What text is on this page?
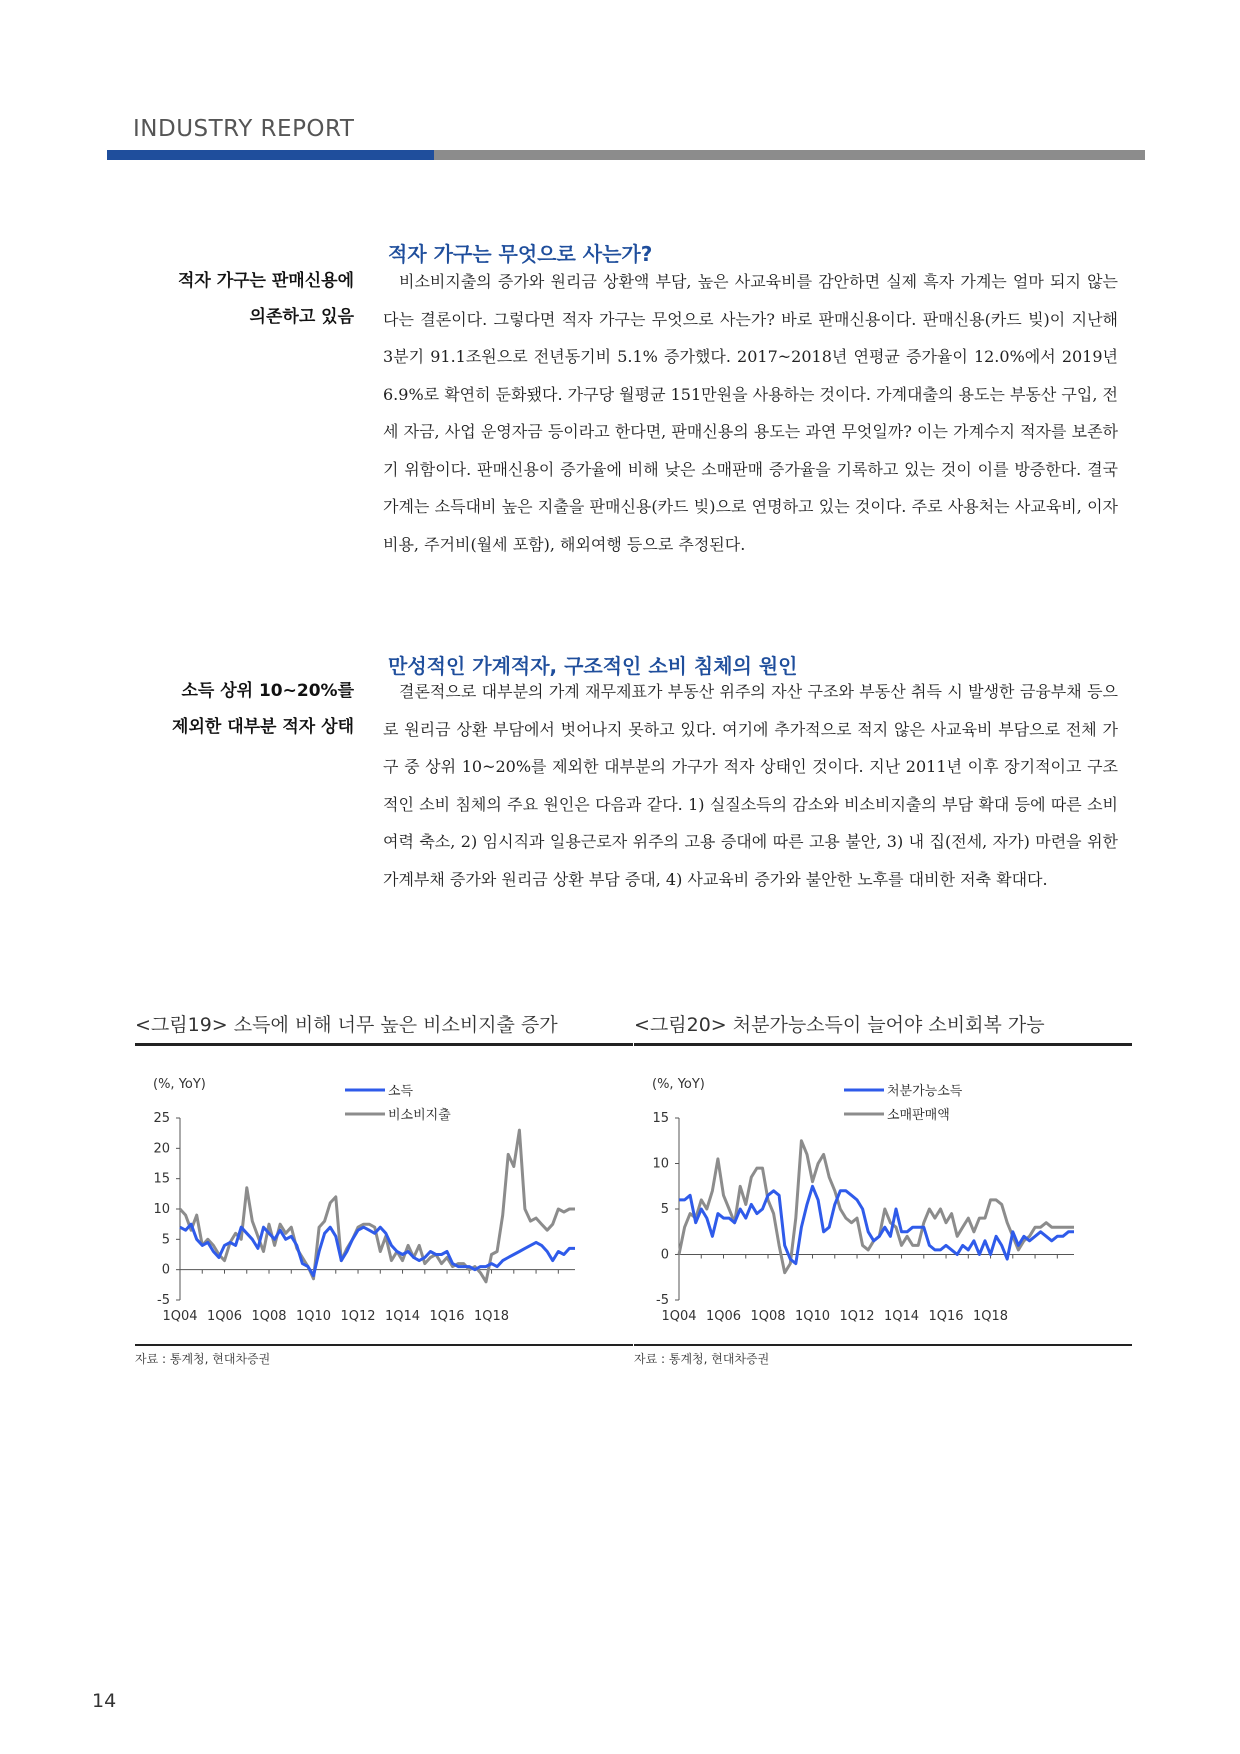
INDUSTRY REPORT
적자 가구는 무엇으로 사는가?
적자 가구는 판매신용에
의존하고 있음
비소비지출의 증가와 원리금 상환액 부담, 높은 사교육비를 감안하면 실제 흑자 가계는 얼마 되지 않는다는 결론이다. 그렇다면 적자 가구는 무엇으로 사는가? 바로 판매신용이다. 판매신용(카드 빚)이 지난해 3분기 91.1조원으로 전년동기비 5.1% 증가했다. 2017~2018년 연평균 증가율이 12.0%에서 2019년 6.9%로 확연히 둔화됐다. 가구당 월평균 151만원을 사용하는 것이다. 가계대출의 용도는 부동산 구입, 전세 자금, 사업 운영자금 등이라고 한다면, 판매신용의 용도는 과연 무엇일까? 이는 가계수지 적자를 보존하기 위함이다. 판매신용이 증가율에 비해 낮은 소매판매 증가율을 기록하고 있는 것이 이를 방증한다. 결국 가계는 소득대비 높은 지출을 판매신용(카드 빚)으로 연명하고 있는 것이다. 주로 사용처는 사교육비, 이자비용, 주거비(월세 포함), 해외여행 등으로 추정된다.
만성적인 가계적자, 구조적인 소비 침체의 원인
소득 상위 10~20%를
제외한 대부분 적자 상태
결론적으로 대부분의 가계 재무제표가 부동산 위주의 자산 구조와 부동산 취득 시 발생한 금융부채 등으로 원리금 상환 부담에서 벗어나지 못하고 있다. 여기에 추가적으로 적지 않은 사교육비 부담으로 전체 가구 중 상위 10~20%를 제외한 대부분의 가구가 적자 상태인 것이다. 지난 2011년 이후 장기적이고 구조적인 소비 침체의 주요 원인은 다음과 같다. 1) 실질소득의 감소와 비소비지출의 부담 확대 등에 따른 소비여력 축소, 2) 임시직과 일용근로자 위주의 고용 증대에 따른 고용 불안, 3) 내 집(전세, 자가) 마련을 위한 가계부채 증가와 원리금 상환 부담 증대, 4) 사교육비 증가와 불안한 노후를 대비한 저축 확대다.
<그림19> 소득에 비해 너무 높은 비소비지출 증가
(%, YoY)
-5
0
5
10
15
20
25
1Q04 1Q06 1Q08 1Q10 1Q12 1Q14 1Q16 1Q18
소득
비소비지출
자료 : 통계청, 현대차증권
<그림20> 처분가능소득이 늘어야 소비회복 가능
(%, YoY)
-5
0
5
10
15
1Q04 1Q06 1Q08 1Q10 1Q12 1Q14 1Q16 1Q18
처분가능소득
소매판매액
자료 : 통계청, 현대차증권
14
